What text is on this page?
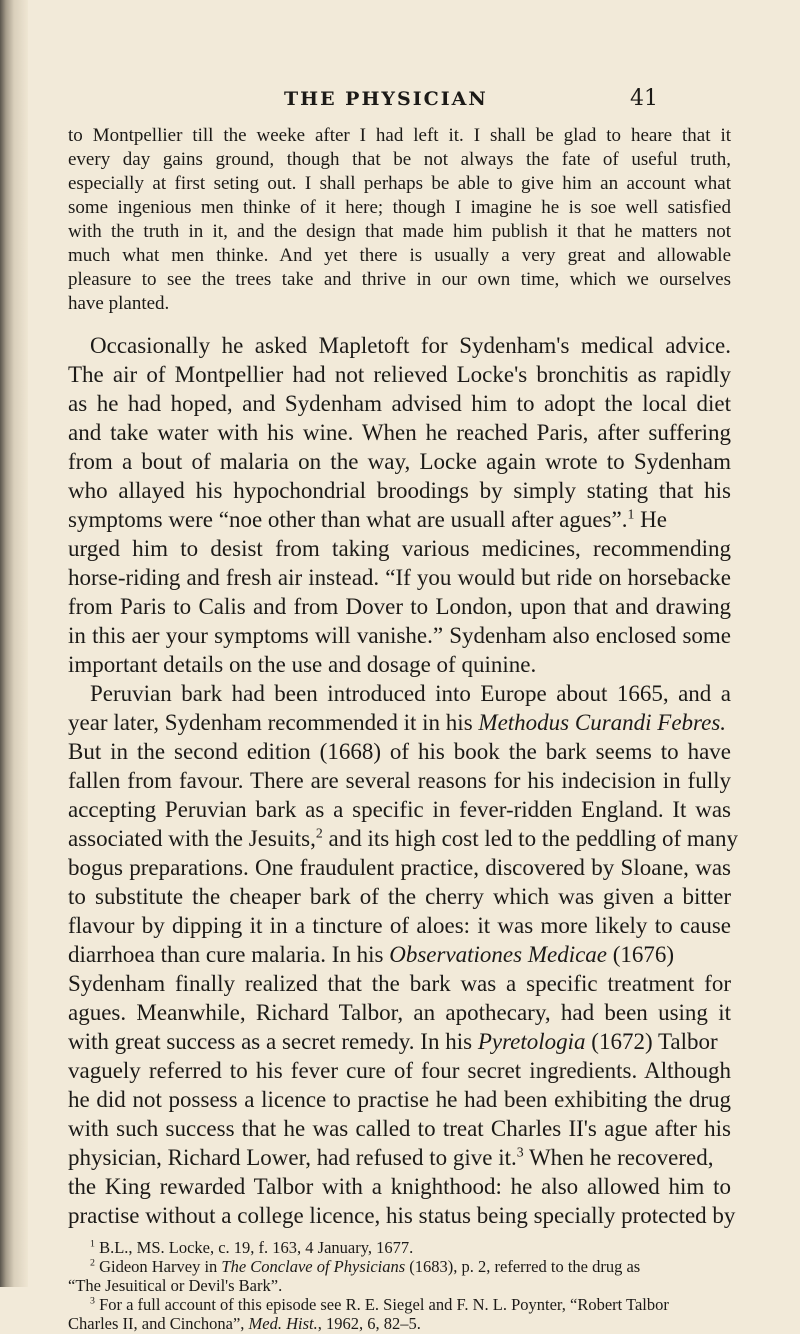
THE PHYSICIAN	41
to Montpellier till the weeke after I had left it. I shall be glad to heare that it
every day gains ground, though that be not always the fate of useful truth,
especially at first seting out. I shall perhaps be able to give him an account what
some ingenious men thinke of it here; though I imagine he is soe well satisfied
with the truth in it, and the design that made him publish it that he matters not
much what men thinke. And yet there is usually a very great and allowable
pleasure to see the trees take and thrive in our own time, which we ourselves
have planted.
Occasionally he asked Mapletoft for Sydenham's medical advice.
The air of Montpellier had not relieved Locke's bronchitis as rapidly
as he had hoped, and Sydenham advised him to adopt the local diet
and take water with his wine. When he reached Paris, after suffering
from a bout of malaria on the way, Locke again wrote to Sydenham
who allayed his hypochondrial broodings by simply stating that his
symptoms were “noe other than what are usuall after agues”.$^1$ He
urged him to desist from taking various medicines, recommending
horse-riding and fresh air instead. “If you would but ride on horsebacke
from Paris to Calis and from Dover to London, upon that and drawing
in this aer your symptoms will vanishe.” Sydenham also enclosed some
important details on the use and dosage of quinine.
Peruvian bark had been introduced into Europe about 1665, and a
year later, Sydenham recommended it in his Methodus Curandi Febres.
But in the second edition (1668) of his book the bark seems to have
fallen from favour. There are several reasons for his indecision in fully
accepting Peruvian bark as a specific in fever-ridden England. It was
associated with the Jesuits,$^2$ and its high cost led to the peddling of many
bogus preparations. One fraudulent practice, discovered by Sloane, was
to substitute the cheaper bark of the cherry which was given a bitter
flavour by dipping it in a tincture of aloes: it was more likely to cause
diarrhoea than cure malaria. In his Observationes Medicae (1676)
Sydenham finally realized that the bark was a specific treatment for
agues. Meanwhile, Richard Talbor, an apothecary, had been using it
with great success as a secret remedy. In his Pyretologia (1672) Talbor
vaguely referred to his fever cure of four secret ingredients. Although
he did not possess a licence to practise he had been exhibiting the drug
with such success that he was called to treat Charles II's ague after his
physician, Richard Lower, had refused to give it.$^3$ When he recovered,
the King rewarded Talbor with a knighthood: he also allowed him to
practise without a college licence, his status being specially protected by
$^1$ B.L., MS. Locke, c. 19, f. 163, 4 January, 1677.
$^2$ Gideon Harvey in The Conclave of Physicians (1683), p. 2, referred to the drug as
“The Jesuitical or Devil's Bark”.
$^3$ For a full account of this episode see R. E. Siegel and F. N. L. Poynter, “Robert Talbor
Charles II, and Cinchona”, Med. Hist., 1962, 6, 82–5.
